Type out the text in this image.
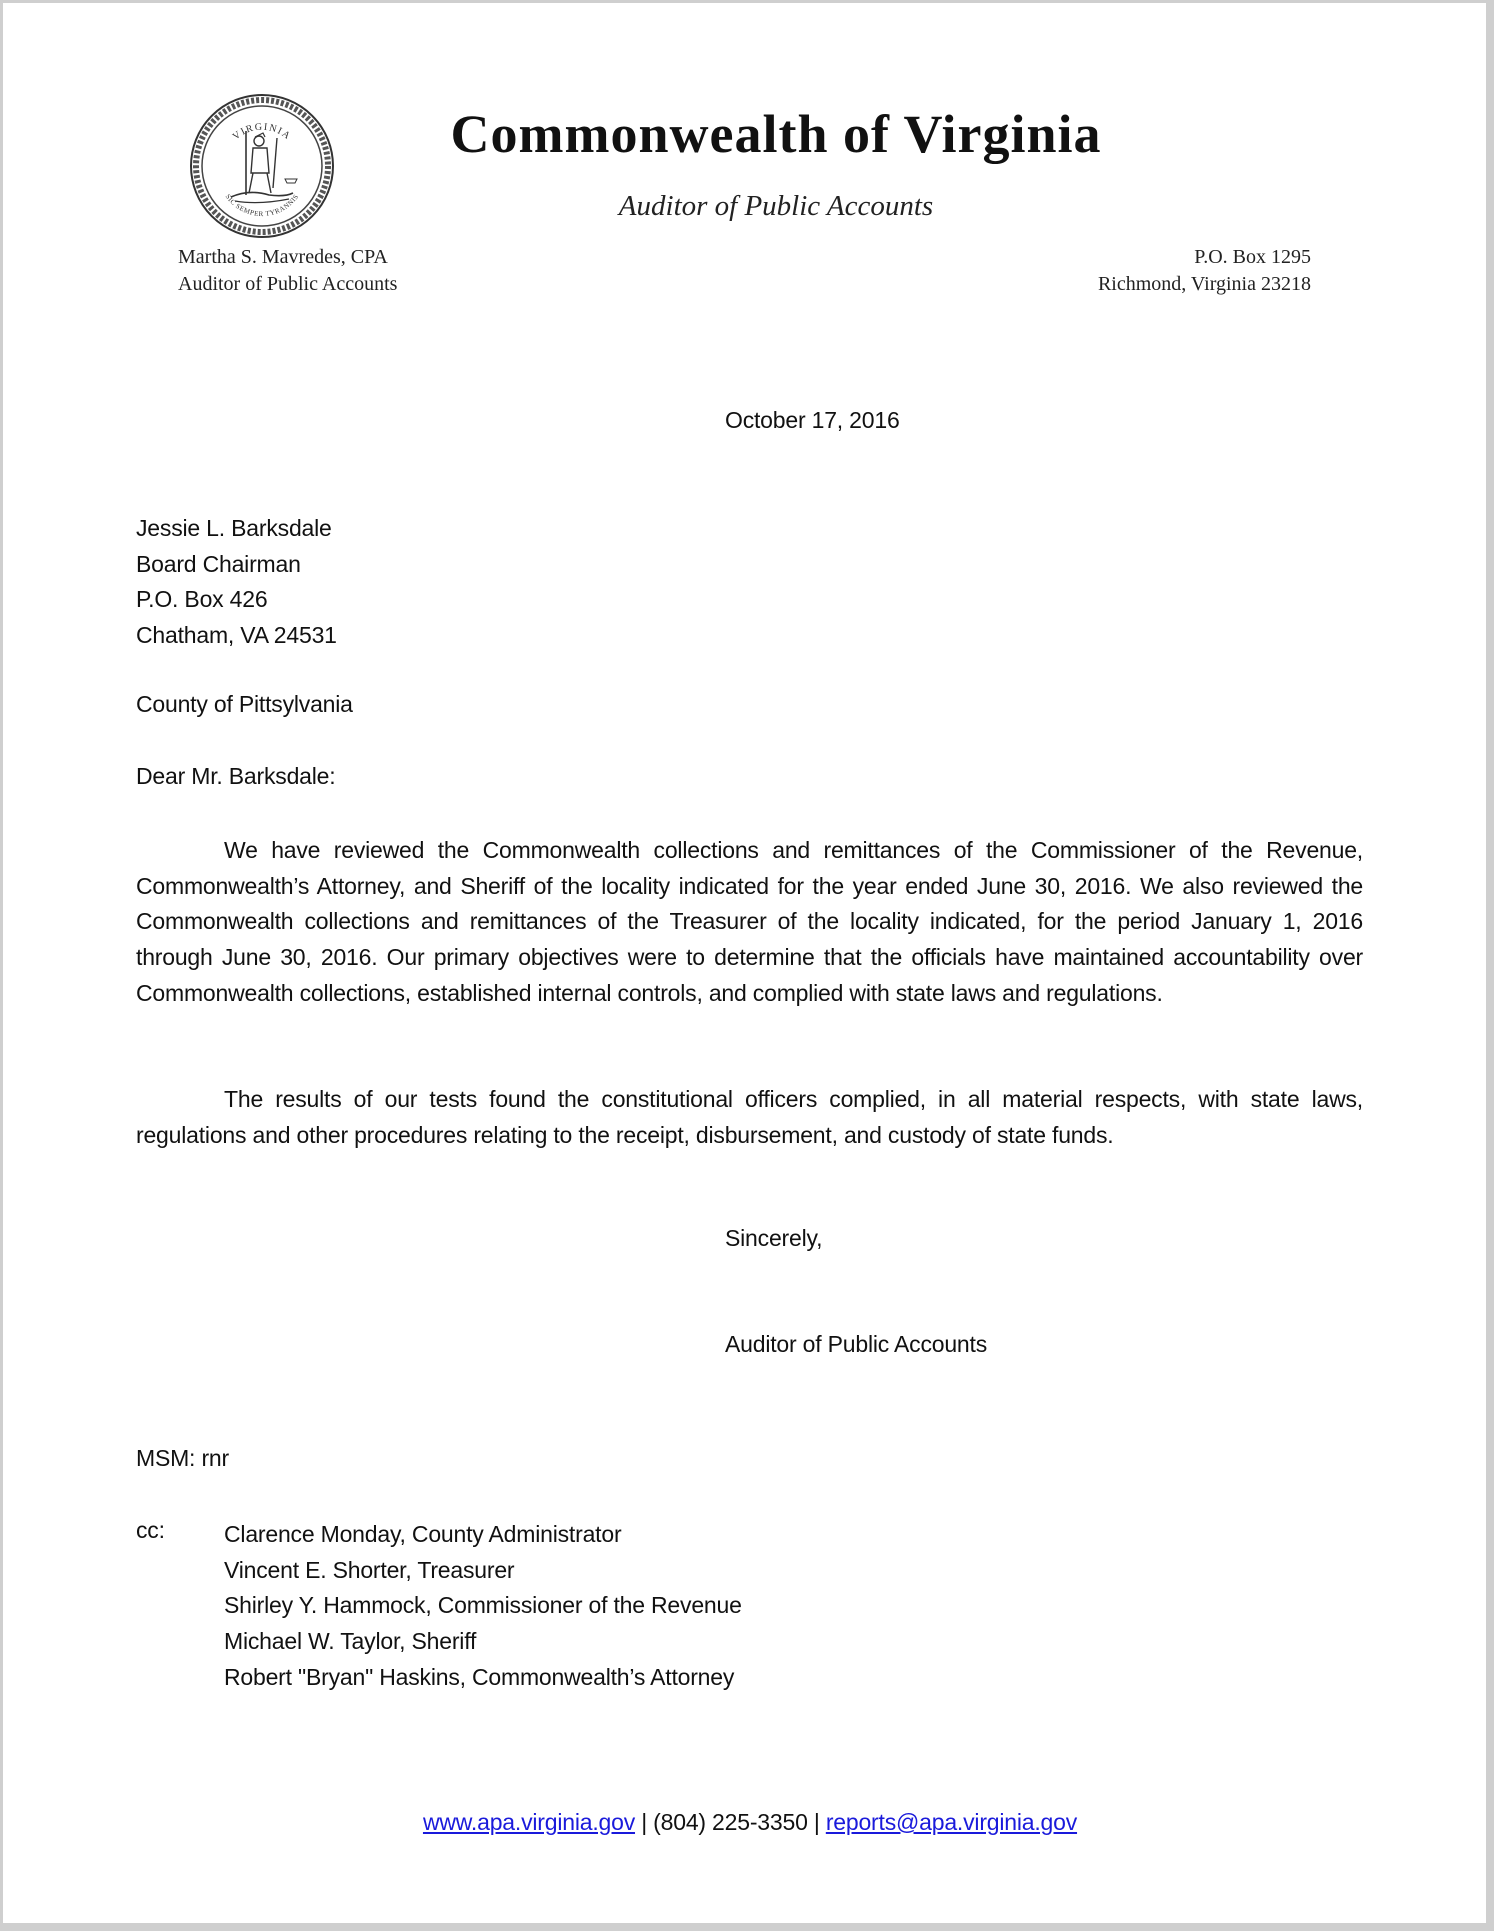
VIRGINIA
SIC SEMPER TYRANNIS
Commonwealth of Virginia
Auditor of Public Accounts
Martha S. Mavredes, CPA
Auditor of Public Accounts
P.O. Box 1295
Richmond, Virginia 23218
October 17, 2016
Jessie L. Barksdale
Board Chairman
P.O. Box 426
Chatham, VA 24531
County of Pittsylvania
Dear Mr. Barksdale:

We have reviewed the Commonwealth collections and remittances of the Commissioner of the Revenue, Commonwealth’s Attorney, and Sheriff of the locality indicated for the year ended June 30, 2016. We also reviewed the Commonwealth collections and remittances of the Treasurer of the locality indicated, for the period January 1, 2016 through June 30, 2016. Our primary objectives were to determine that the officials have maintained accountability over Commonwealth collections, established internal controls, and complied with state laws and regulations.

The results of our tests found the constitutional officers complied, in all material respects, with state laws, regulations and other procedures relating to the receipt, disbursement, and custody of state funds.

Sincerely,
Auditor of Public Accounts
MSM: rnr
cc:	Clarence Monday, County Administrator
Vincent E. Shorter, Treasurer
Shirley Y. Hammock, Commissioner of the Revenue
Michael W. Taylor, Sheriff
Robert "Bryan" Haskins, Commonwealth’s Attorney
www.apa.virginia.gov | (804) 225-3350 | reports@apa.virginia.gov
